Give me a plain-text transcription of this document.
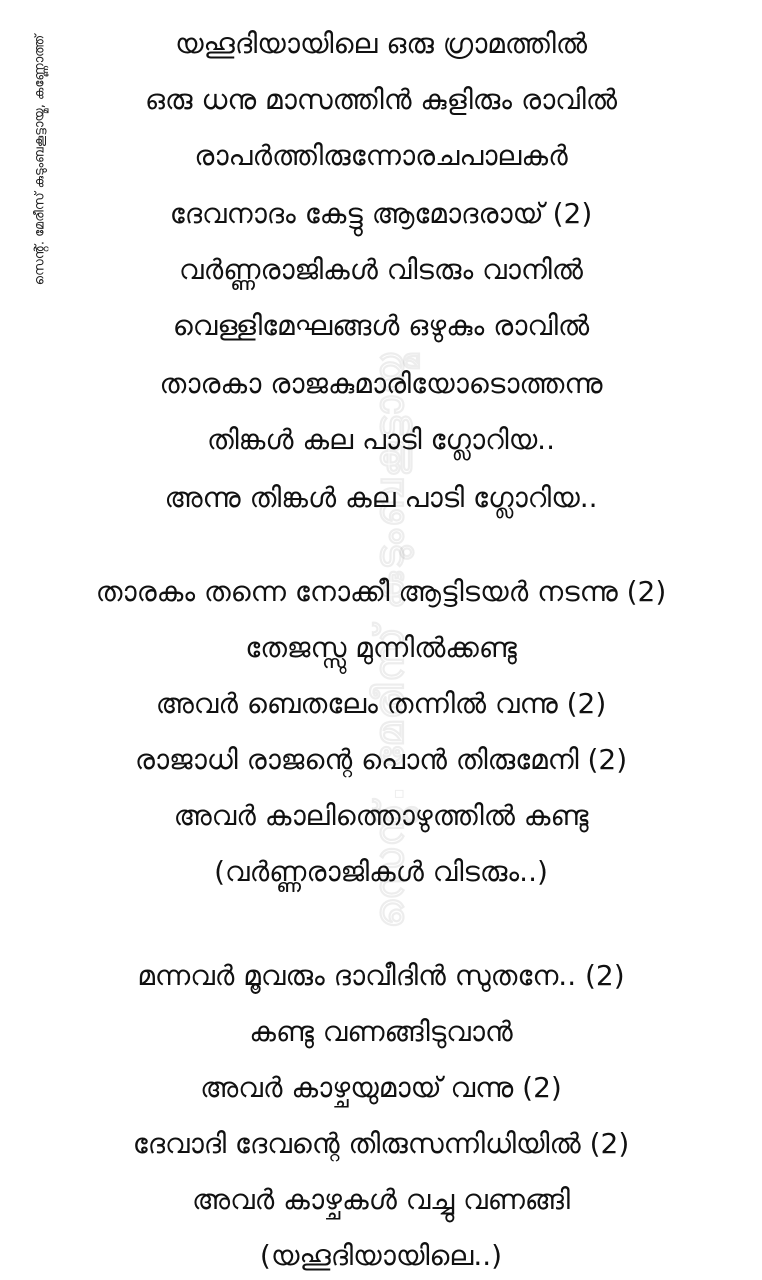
സെൻ്റ്. മേരീസ് കുടുംബകൂട്ടായ്മ, കണ്ണോത്ത്
സെൻ്റ്. മേരീസ് കുടുംബകൂട്ടായ്മ
യഹൂദിയായിലെ ഒരു ഗ്രാമത്തിൽ
ഒരു ധനു മാസത്തിൻ കുളിരും രാവിൽ
രാപർത്തിരുന്നോരചപാലകർ
ദേവനാദം കേട്ടു ആമോദരായ് (2)
വർണ്ണരാജികൾ വിടരും വാനിൽ
വെള്ളിമേഘങ്ങൾ ഒഴുകും രാവിൽ
താരകാ രാജകുമാരിയോടൊത്തന്നു
തിങ്കൾ കല പാടി ഗ്ലോറിയ..
അന്നു തിങ്കൾ കല പാടി ഗ്ലോറിയ..
താരകം തന്നെ നോക്കീ ആട്ടിടയർ നടന്നു (2)
തേജസ്സു മുന്നിൽക്കണ്ടു
അവർ ബെതലേം തന്നിൽ വന്നു (2)
രാജാധി രാജന്റെ പൊൻ തിരുമേനി (2)
അവർ കാലിത്തൊഴുത്തിൽ കണ്ടു
(വർണ്ണരാജികൾ വിടരും..)
മന്നവർ മൂവരും ദാവീദിൻ സുതനേ.. (2)
കണ്ടു വണങ്ങിടുവാൻ
അവർ കാഴ്ചയുമായ് വന്നു (2)
ദേവാദി ദേവന്റെ തിരുസന്നിധിയിൽ (2)
അവർ കാഴ്ചകൾ വച്ചു വണങ്ങി
(യഹൂദിയായിലെ..)
